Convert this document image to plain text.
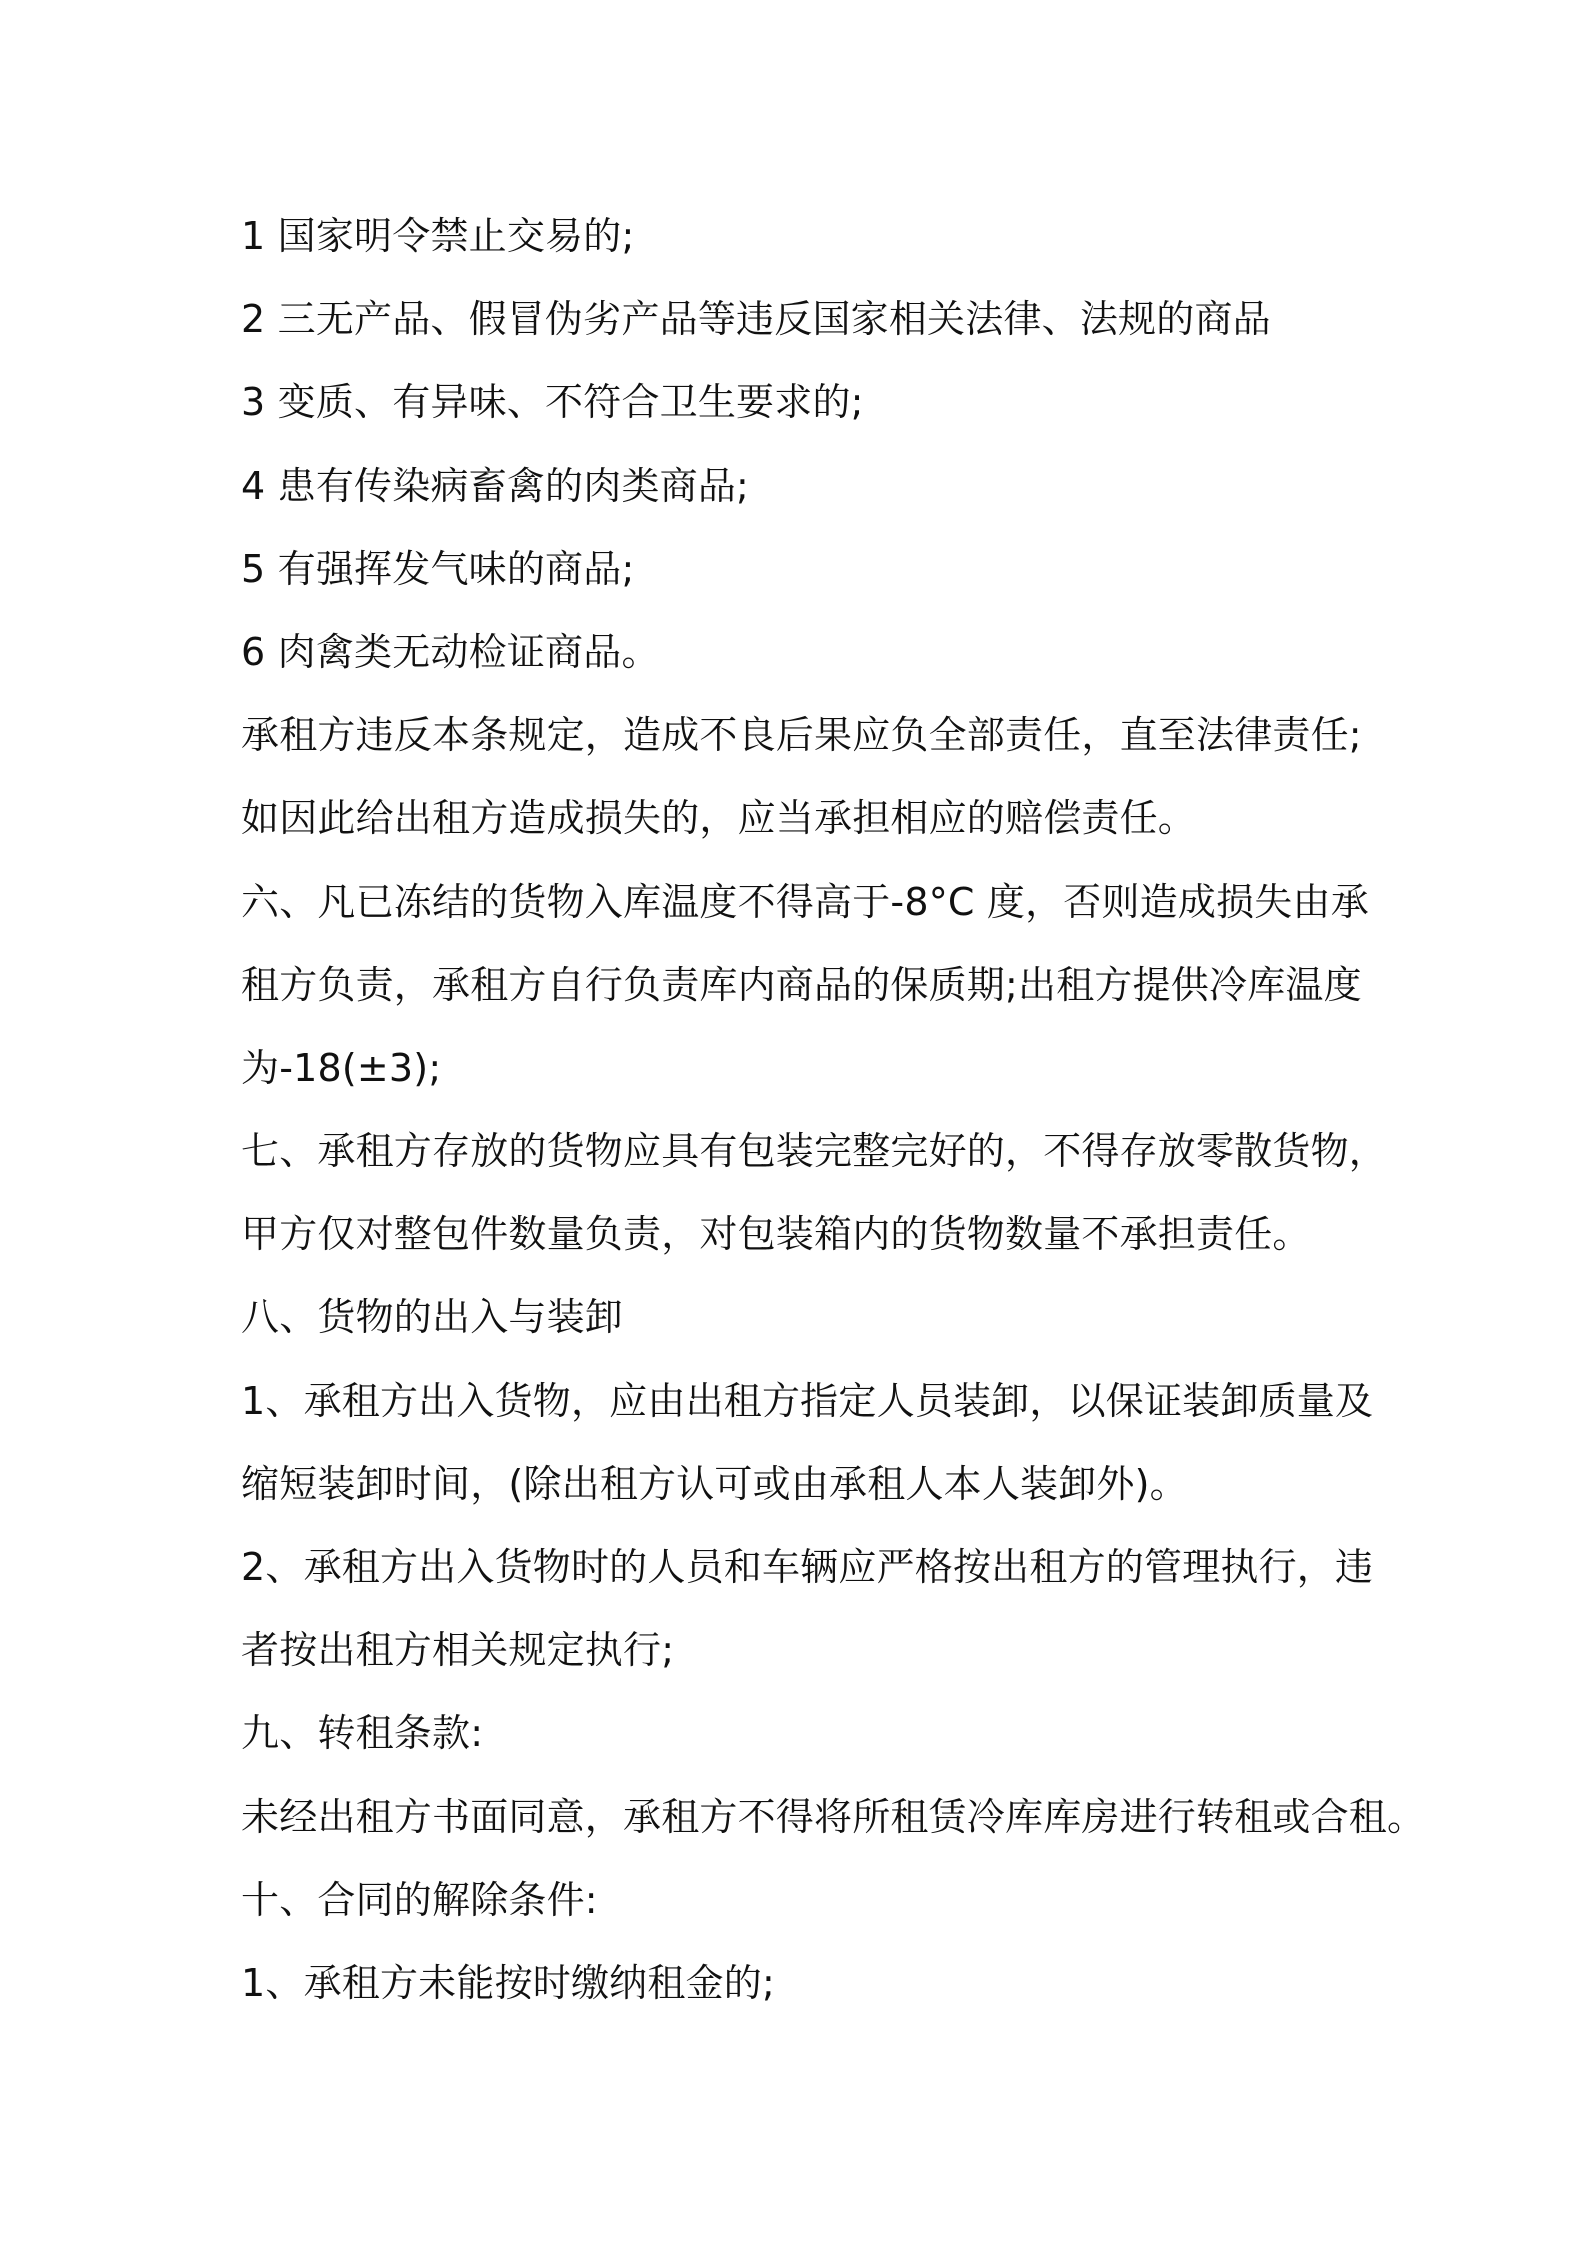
1 国家明令禁止交易的;
2 三无产品、假冒伪劣产品等违反国家相关法律、法规的商品
3 变质、有异味、不符合卫生要求的;
4 患有传染病畜禽的肉类商品;
5 有强挥发气味的商品;
6 肉禽类无动检证商品。
承租方违反本条规定，造成不良后果应负全部责任，直至法律责任;
如因此给出租方造成损失的，应当承担相应的赔偿责任。
六、凡已冻结的货物入库温度不得高于-8°C 度，否则造成损失由承
租方负责，承租方自行负责库内商品的保质期;出租方提供冷库温度
为-18(±3);
七、承租方存放的货物应具有包装完整完好的，不得存放零散货物，
甲方仅对整包件数量负责，对包装箱内的货物数量不承担责任。
八、货物的出入与装卸
1、承租方出入货物，应由出租方指定人员装卸，以保证装卸质量及
缩短装卸时间，(除出租方认可或由承租人本人装卸外)。
2、承租方出入货物时的人员和车辆应严格按出租方的管理执行，违
者按出租方相关规定执行;
九、转租条款:
未经出租方书面同意，承租方不得将所租赁冷库库房进行转租或合租。
十、合同的解除条件:
1、承租方未能按时缴纳租金的;
